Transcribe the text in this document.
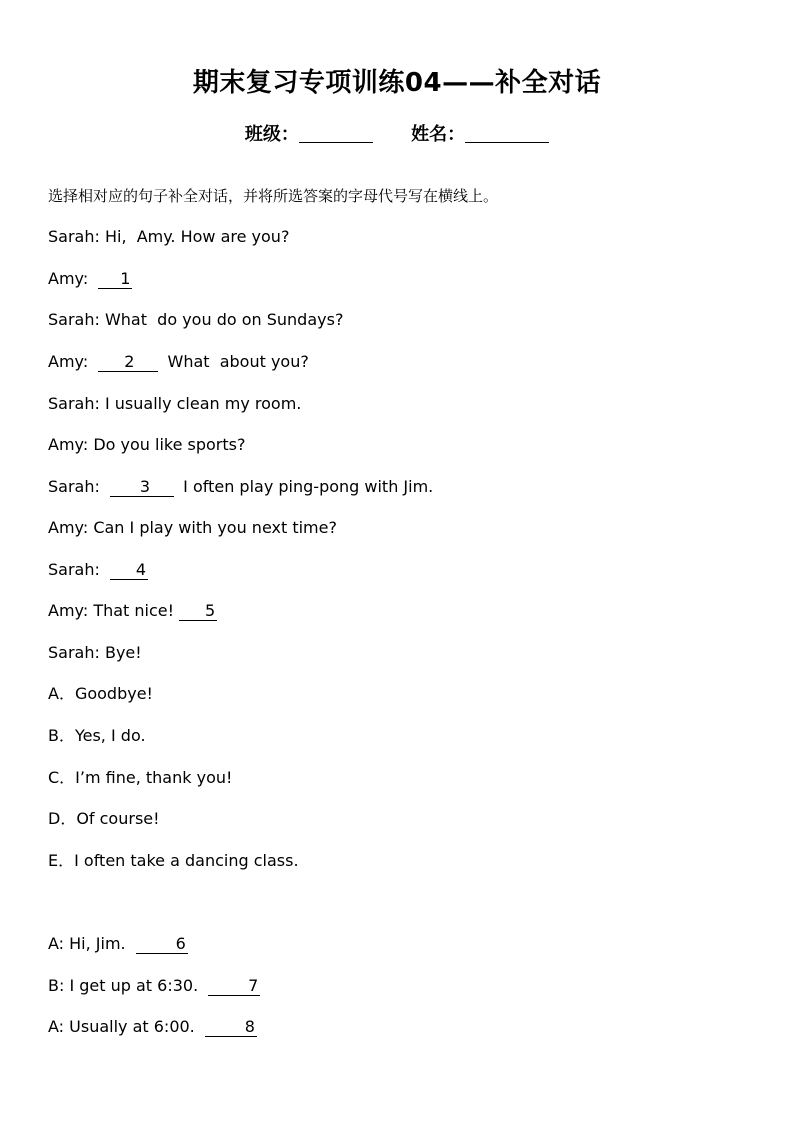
期末复习专项训练04——补全对话
班级：	姓名：
选择相对应的句子补全对话，并将所选答案的字母代号写在横线上。
Sarah: Hi,  Amy. How are you?
Amy: 1
Sarah: What  do you do on Sundays?
Amy: 2 What  about you?
Sarah: I usually clean my room.
Amy: Do you like sports?
Sarah: 3 I often play ping-pong with Jim.
Amy: Can I play with you next time?
Sarah: 4
Amy: That nice! 5
Sarah: Bye!
A．Goodbye!
B．Yes, I do.
C．I’m fine, thank you!
D．Of course!
E．I often take a dancing class.
A: Hi, Jim.	6
B: I get up at 6:30.	7
A: Usually at 6:00.	8
